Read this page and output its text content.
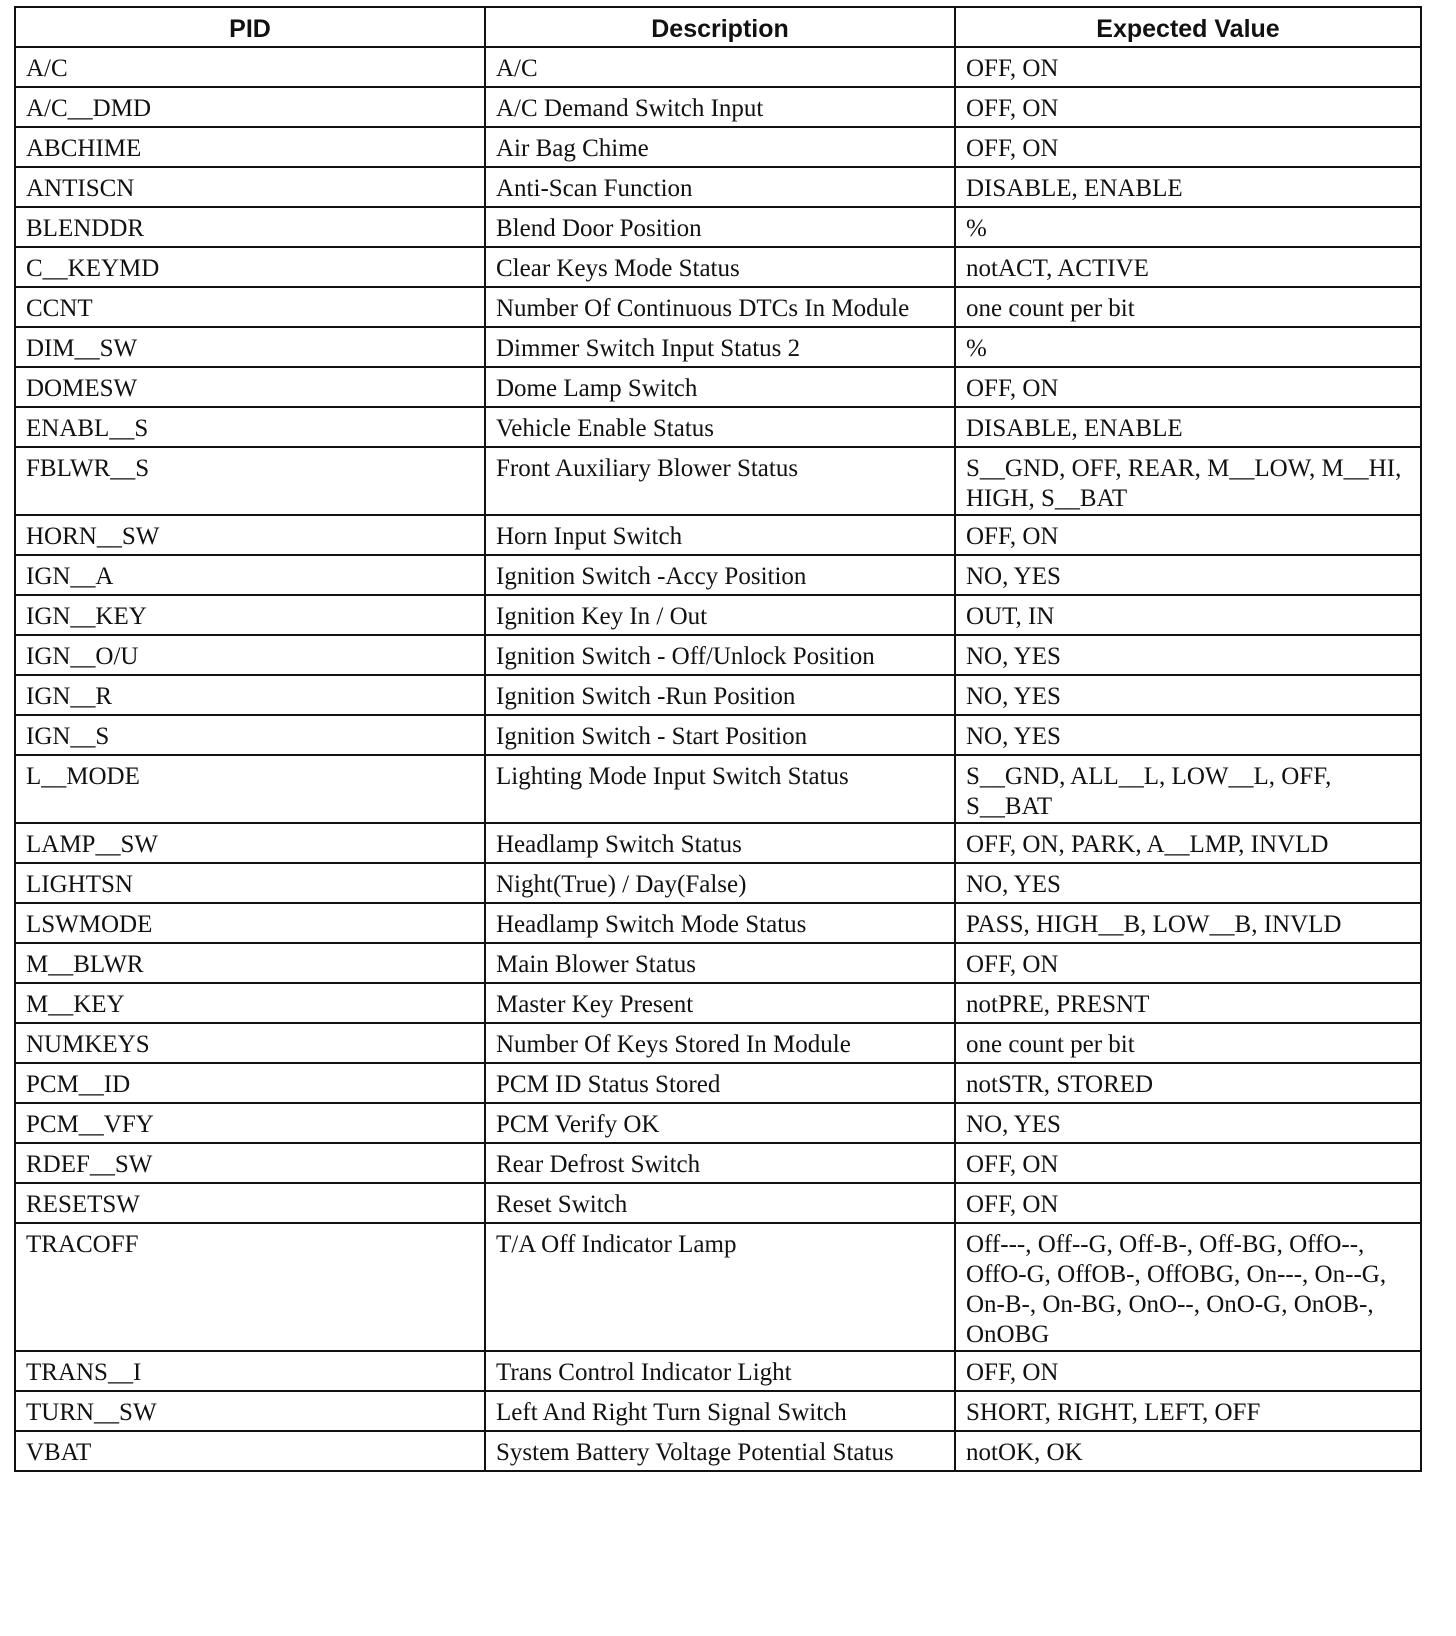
PID	Description	Expected Value
A/C	A/C	OFF, ON
A/C__DMD	A/C Demand Switch Input	OFF, ON
ABCHIME	Air Bag Chime	OFF, ON
ANTISCN	Anti-Scan Function	DISABLE, ENABLE
BLENDDR	Blend Door Position	%
C__KEYMD	Clear Keys Mode Status	notACT, ACTIVE
CCNT	Number Of Continuous DTCs In Module	one count per bit
DIM__SW	Dimmer Switch Input Status 2	%
DOMESW	Dome Lamp Switch	OFF, ON
ENABL__S	Vehicle Enable Status	DISABLE, ENABLE
FBLWR__S	Front Auxiliary Blower Status	S__GND, OFF, REAR, M__LOW, M__HI, HIGH, S__BAT
HORN__SW	Horn Input Switch	OFF, ON
IGN__A	Ignition Switch -Accy Position	NO, YES
IGN__KEY	Ignition Key In / Out	OUT, IN
IGN__O/U	Ignition Switch - Off/Unlock Position	NO, YES
IGN__R	Ignition Switch -Run Position	NO, YES
IGN__S	Ignition Switch - Start Position	NO, YES
L__MODE	Lighting Mode Input Switch Status	S__GND, ALL__L, LOW__L, OFF, S__BAT
LAMP__SW	Headlamp Switch Status	OFF, ON, PARK, A__LMP, INVLD
LIGHTSN	Night(True) / Day(False)	NO, YES
LSWMODE	Headlamp Switch Mode Status	PASS, HIGH__B, LOW__B, INVLD
M__BLWR	Main Blower Status	OFF, ON
M__KEY	Master Key Present	notPRE, PRESNT
NUMKEYS	Number Of Keys Stored In Module	one count per bit
PCM__ID	PCM ID Status Stored	notSTR, STORED
PCM__VFY	PCM Verify OK	NO, YES
RDEF__SW	Rear Defrost Switch	OFF, ON
RESETSW	Reset Switch	OFF, ON
TRACOFF	T/A Off Indicator Lamp	Off---, Off--G, Off-B-, Off-BG, OffO--, OffO-G, OffOB-, OffOBG, On---, On--G, On-B-, On-BG, OnO--, OnO-G, OnOB-, OnOBG
TRANS__I	Trans Control Indicator Light	OFF, ON
TURN__SW	Left And Right Turn Signal Switch	SHORT, RIGHT, LEFT, OFF
VBAT	System Battery Voltage Potential Status	notOK, OK
